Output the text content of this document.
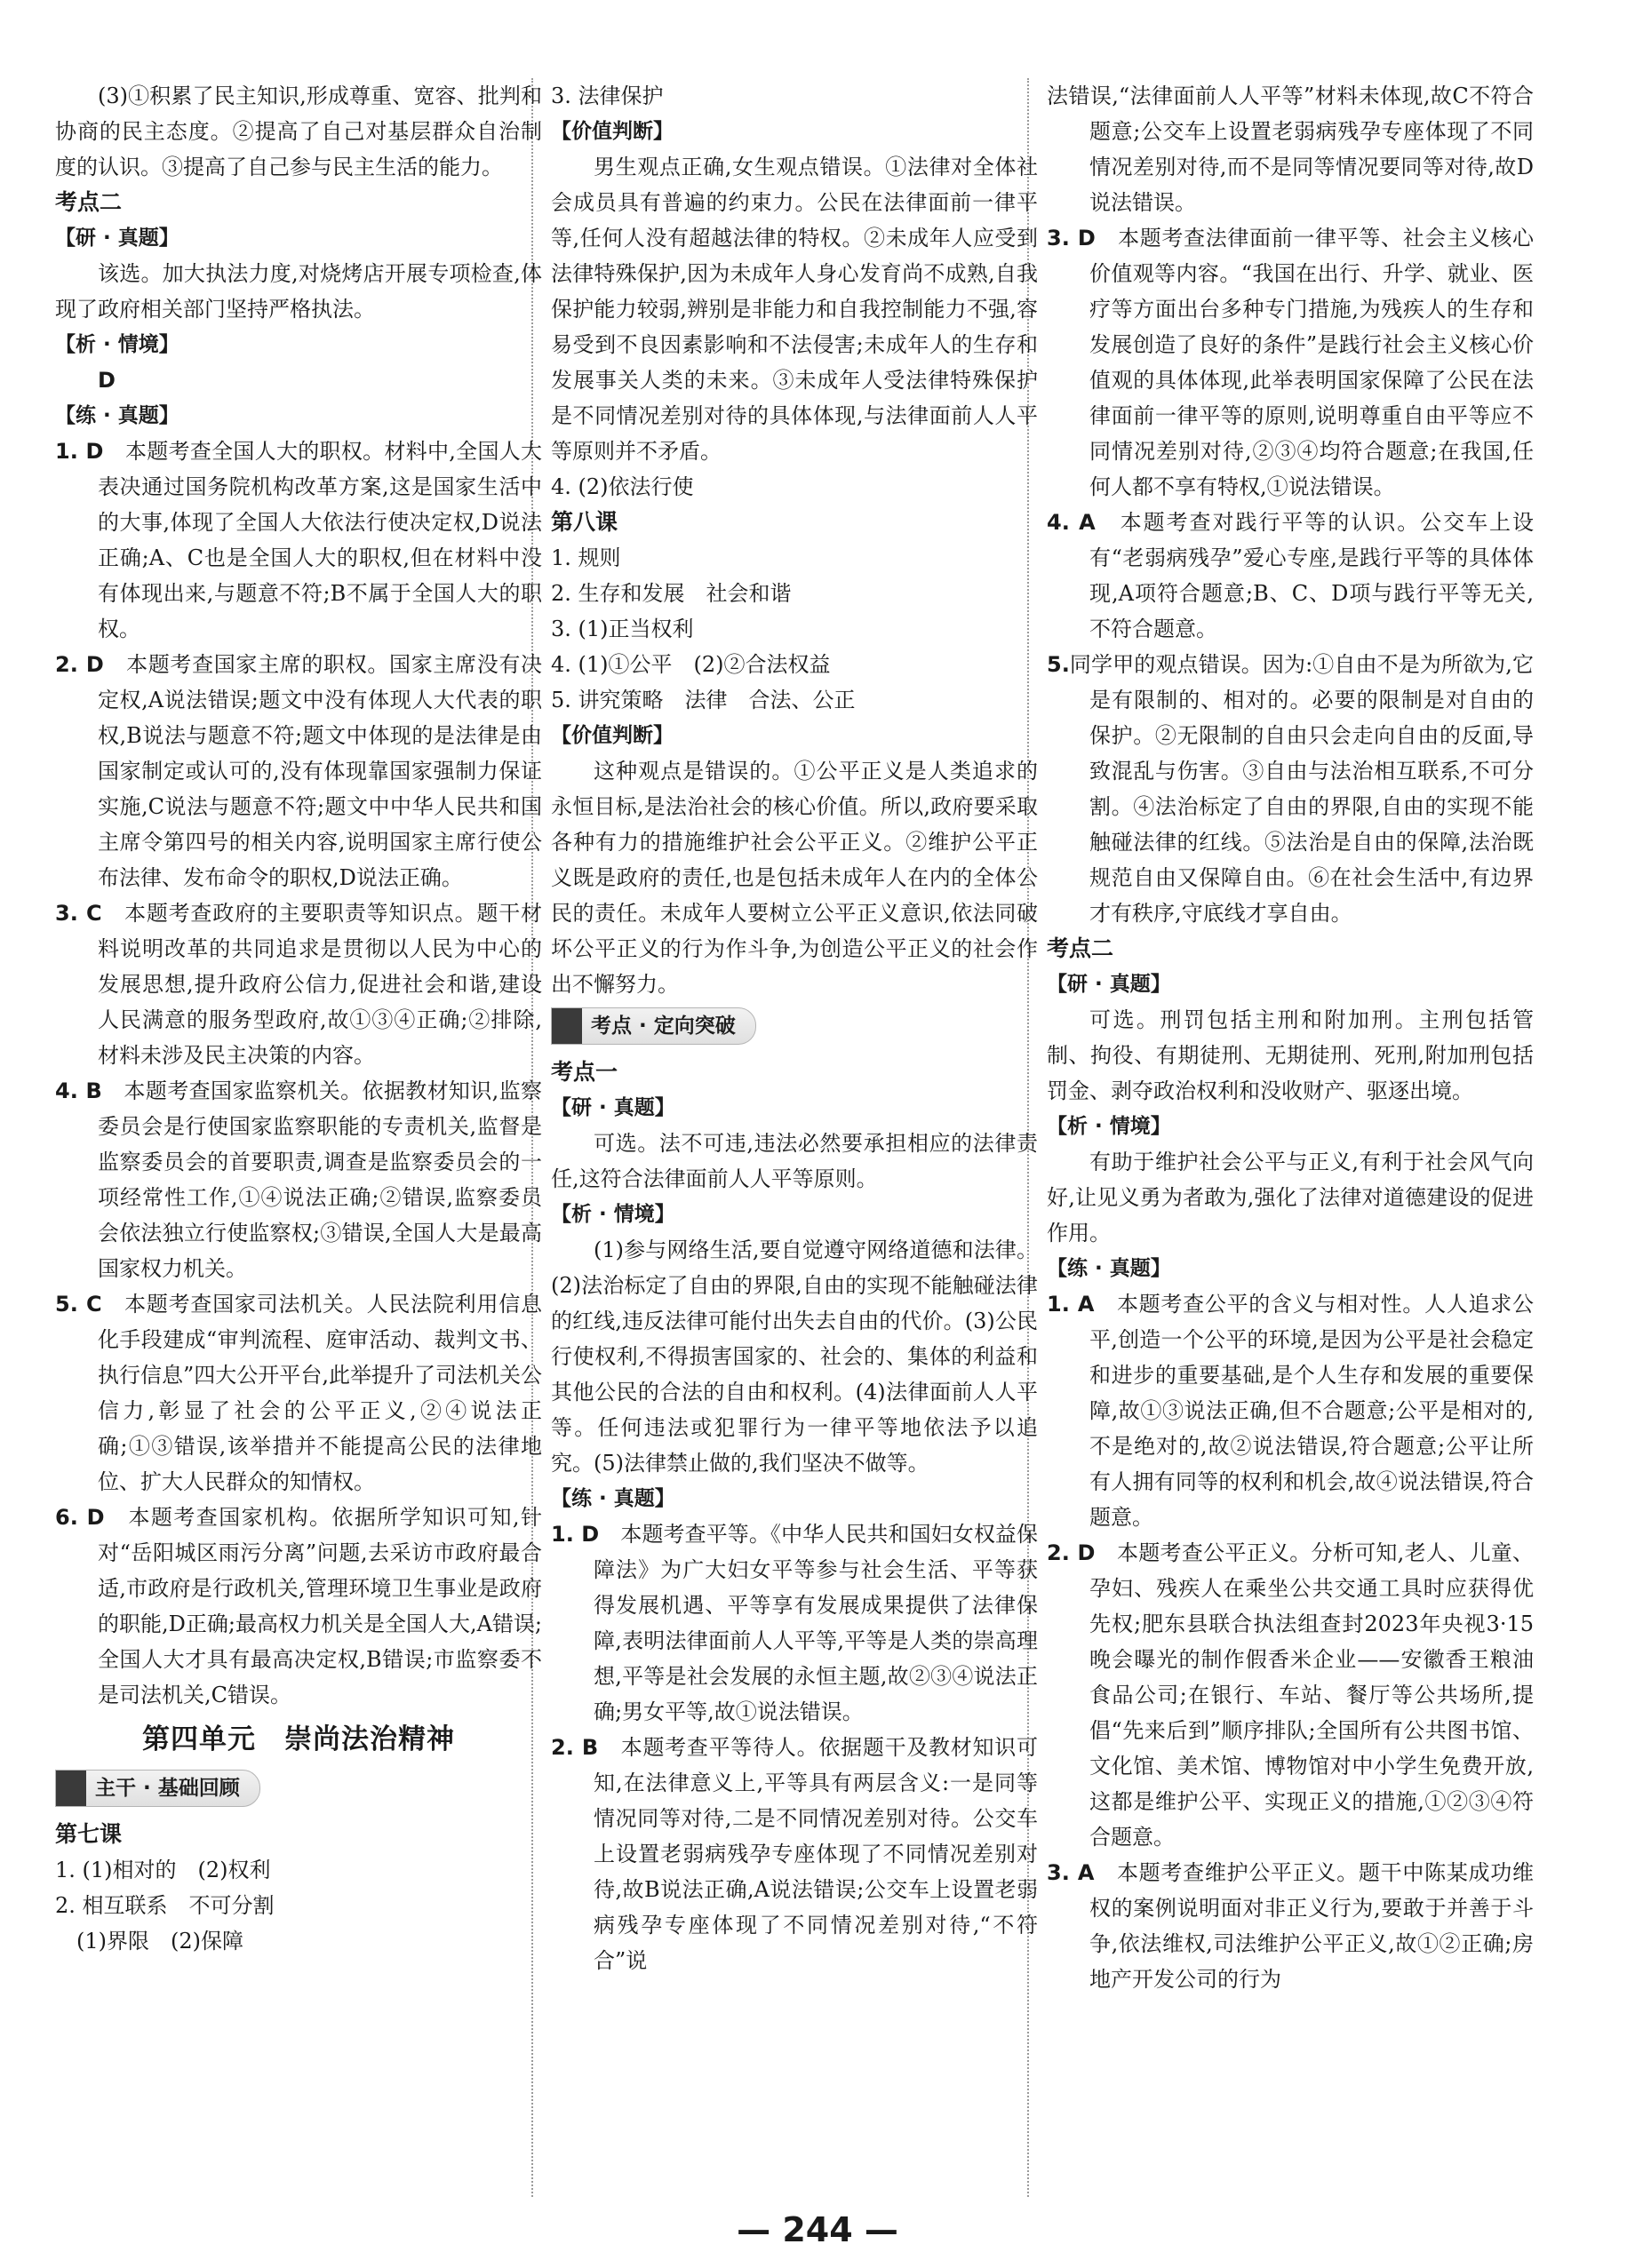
(3)①积累了民主知识,形成尊重、宽容、批判和协商的民主态度。②提高了自己对基层群众自治制度的认识。③提高了自己参与民主生活的能力。

考点二

【研 · 真题】

该选。加大执法力度,对烧烤店开展专项检查,体现了政府相关部门坚持严格执法。

【析 · 情境】

D

【练 · 真题】

1. D　 本题考查全国人大的职权。材料中,全国人大表决通过国务院机构改革方案,这是国家生活中的大事,体现了全国人大依法行使决定权,D说法正确;A、C也是全国人大的职权,但在材料中没有体现出来,与题意不符;B不属于全国人大的职权。

2. D　 本题考查国家主席的职权。国家主席没有决定权,A说法错误;题文中没有体现人大代表的职权,B说法与题意不符;题文中体现的是法律是由国家制定或认可的,没有体现靠国家强制力保证实施,C说法与题意不符;题文中中华人民共和国主席令第四号的相关内容,说明国家主席行使公布法律、发布命令的职权,D说法正确。

3. C　 本题考查政府的主要职责等知识点。题干材料说明改革的共同追求是贯彻以人民为中心的发展思想,提升政府公信力,促进社会和谐,建设人民满意的服务型政府,故①③④正确;②排除,材料未涉及民主决策的内容。

4. B　 本题考查国家监察机关。依据教材知识,监察委员会是行使国家监察职能的专责机关,监督是监察委员会的首要职责,调查是监察委员会的一项经常性工作,①④说法正确;②错误,监察委员会依法独立行使监察权;③错误,全国人大是最高国家权力机关。

5. C　 本题考查国家司法机关。人民法院利用信息化手段建成“审判流程、庭审活动、裁判文书、执行信息”四大公开平台,此举提升了司法机关公信力,彰显了社会的公平正义,②④说法正确;①③错误,该举措并不能提高公民的法律地位、扩大人民群众的知情权。

6. D　 本题考查国家机构。依据所学知识可知,针对“岳阳城区雨污分离”问题,去采访市政府最合适,市政府是行政机关,管理环境卫生事业是政府的职能,D正确;最高权力机关是全国人大,A错误;全国人大才具有最高决定权,B错误;市监察委不是司法机关,C错误。

第四单元　崇尚法治精神

主干 · 基础回顾

第七课

1. (1)相对的　(2)权利

2. 相互联系　不可分割

(1)界限　(2)保障

3. 法律保护

【价值判断】

男生观点正确,女生观点错误。①法律对全体社会成员具有普遍的约束力。公民在法律面前一律平等,任何人没有超越法律的特权。②未成年人应受到法律特殊保护,因为未成年人身心发育尚不成熟,自我保护能力较弱,辨别是非能力和自我控制能力不强,容易受到不良因素影响和不法侵害;未成年人的生存和发展事关人类的未来。③未成年人受法律特殊保护是不同情况差别对待的具体体现,与法律面前人人平等原则并不矛盾。

4. (2)依法行使

第八课

1. 规则

2. 生存和发展　社会和谐

3. (1)正当权利

4. (1)①公平　(2)②合法权益

5. 讲究策略　法律　合法、公正

【价值判断】

这种观点是错误的。①公平正义是人类追求的永恒目标,是法治社会的核心价值。所以,政府要采取各种有力的措施维护社会公平正义。②维护公平正义既是政府的责任,也是包括未成年人在内的全体公民的责任。未成年人要树立公平正义意识,依法同破坏公平正义的行为作斗争,为创造公平正义的社会作出不懈努力。

考点 · 定向突破

考点一

【研 · 真题】

可选。法不可违,违法必然要承担相应的法律责任,这符合法律面前人人平等原则。

【析 · 情境】

(1)参与网络生活,要自觉遵守网络道德和法律。(2)法治标定了自由的界限,自由的实现不能触碰法律的红线,违反法律可能付出失去自由的代价。(3)公民行使权利,不得损害国家的、社会的、集体的利益和其他公民的合法的自由和权利。(4)法律面前人人平等。任何违法或犯罪行为一律平等地依法予以追究。(5)法律禁止做的,我们坚决不做等。

【练 · 真题】

1. D　 本题考查平等。《中华人民共和国妇女权益保障法》为广大妇女平等参与社会生活、平等获得发展机遇、平等享有发展成果提供了法律保障,表明法律面前人人平等,平等是人类的崇高理想,平等是社会发展的永恒主题,故②③④说法正确;男女平等,故①说法错误。

2. B　 本题考查平等待人。依据题干及教材知识可知,在法律意义上,平等具有两层含义:一是同等情况同等对待,二是不同情况差别对待。公交车上设置老弱病残孕专座体现了不同情况差别对待,故B说法正确,A说法错误;公交车上设置老弱病残孕专座体现了不同情况差别对待,“不符合”说

法错误,“法律面前人人平等”材料未体现,故C不符合题意;公交车上设置老弱病残孕专座体现了不同情况差别对待,而不是同等情况要同等对待,故D说法错误。

3. D　 本题考查法律面前一律平等、社会主义核心价值观等内容。“我国在出行、升学、就业、医疗等方面出台多种专门措施,为残疾人的生存和发展创造了良好的条件”是践行社会主义核心价值观的具体体现,此举表明国家保障了公民在法律面前一律平等的原则,说明尊重自由平等应不同情况差别对待,②③④均符合题意;在我国,任何人都不享有特权,①说法错误。

4. A　 本题考查对践行平等的认识。公交车上设有“老弱病残孕”爱心专座,是践行平等的具体体现,A项符合题意;B、C、D项与践行平等无关,不符合题意。

5.同学甲的观点错误。因为:①自由不是为所欲为,它是有限制的、相对的。必要的限制是对自由的保护。②无限制的自由只会走向自由的反面,导致混乱与伤害。③自由与法治相互联系,不可分割。④法治标定了自由的界限,自由的实现不能触碰法律的红线。⑤法治是自由的保障,法治既规范自由又保障自由。⑥在社会生活中,有边界才有秩序,守底线才享自由。

考点二

【研 · 真题】

可选。刑罚包括主刑和附加刑。主刑包括管制、拘役、有期徒刑、无期徒刑、死刑,附加刑包括罚金、剥夺政治权利和没收财产、驱逐出境。

【析 · 情境】

有助于维护社会公平与正义,有利于社会风气向好,让见义勇为者敢为,强化了法律对道德建设的促进作用。

【练 · 真题】

1. A　 本题考查公平的含义与相对性。人人追求公平,创造一个公平的环境,是因为公平是社会稳定和进步的重要基础,是个人生存和发展的重要保障,故①③说法正确,但不合题意;公平是相对的,不是绝对的,故②说法错误,符合题意;公平让所有人拥有同等的权利和机会,故④说法错误,符合题意。

2. D　 本题考查公平正义。分析可知,老人、儿童、孕妇、残疾人在乘坐公共交通工具时应获得优先权;肥东县联合执法组查封2023年央视3·15晚会曝光的制作假香米企业——安徽香王粮油食品公司;在银行、车站、餐厅等公共场所,提倡“先来后到”顺序排队;全国所有公共图书馆、文化馆、美术馆、博物馆对中小学生免费开放,这都是维护公平、实现正义的措施,①②③④符合题意。

3. A　 本题考查维护公平正义。题干中陈某成功维权的案例说明面对非正义行为,要敢于并善于斗争,依法维权,司法维护公平正义,故①②正确;房地产开发公司的行为

— 244 —
